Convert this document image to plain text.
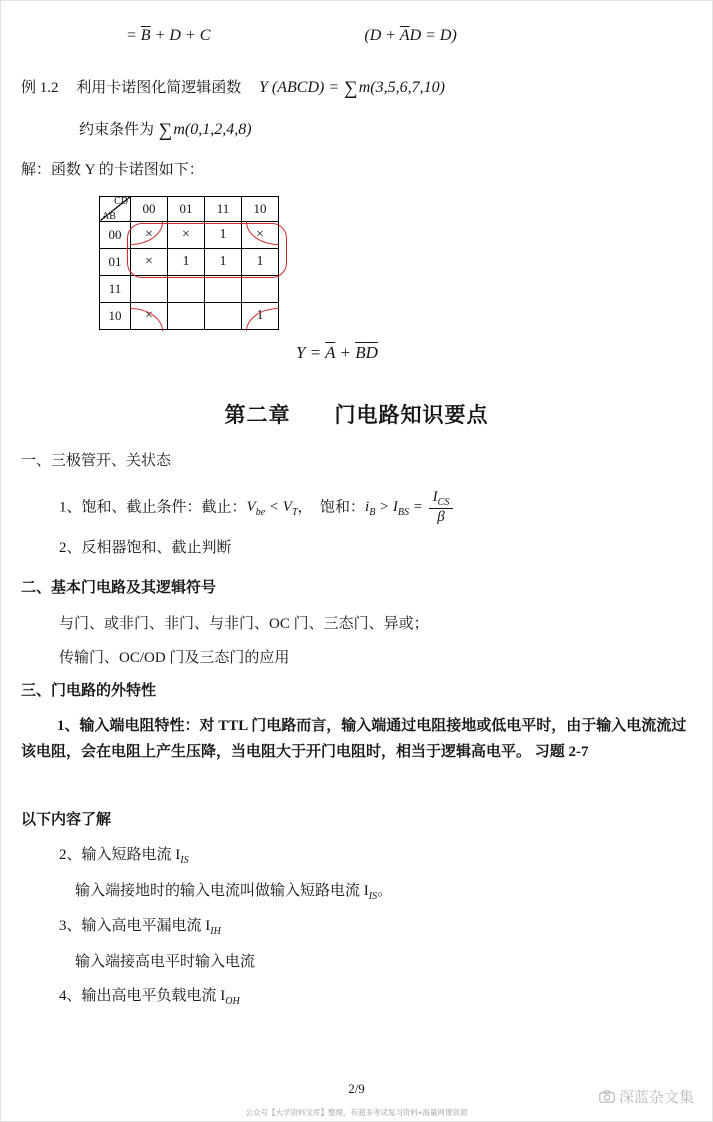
= $\overline{B} + D + C$	$(D + \overline{A}D = D)$
例 1.2 利用卡诺图化简逻辑函数 Y (ABCD) = ∑m(3,5,6,7,10)
约束条件为 ∑m(0,1,2,4,8)
解：函数 Y 的卡诺图如下：
CD
AB	00	01	11	10
00	×	×	1	×
01	×	1	1	1
11				
10	×			1
$Y = \overline{A} + \overline{B}\overline{D}$
第二章　　门电路知识要点
一、三极管开、关状态
1、饱和、截止条件：截止：$V_{be} < V_T$，　饱和：$i_B > I_{BS} = \frac{I_{CS}}{\beta}$
2、反相器饱和、截止判断
二、基本门电路及其逻辑符号
与门、或非门、非门、与非门、OC 门、三态门、异或；
传输门、OC/OD 门及三态门的应用
三、门电路的外特性
1、输入端电阻特性：对 TTL 门电路而言，输入端通过电阻接地或低电平时，由于输入电流流过该电阻，会在电阻上产生压降，当电阻大于开门电阻时，相当于逻辑高电平。 习题 2-7
以下内容了解
2、输入短路电流 $I_{IS}$
输入端接地时的输入电流叫做输入短路电流 $I_{IS}$。
3、输入高电平漏电流 $I_{IH}$
输入端接高电平时输入电流
4、输出高电平负载电流 $I_{OH}$
2/9
深蓝杂文集
公众号【大学资料宝库】整理，有超多考试复习资料+海量网课资源
